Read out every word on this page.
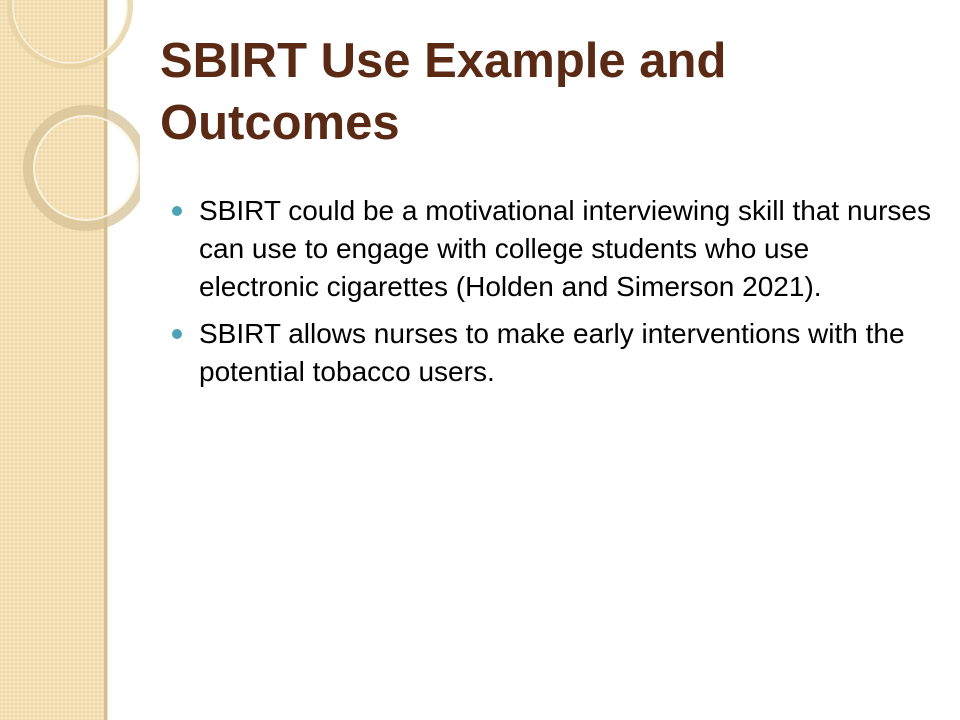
SBIRT Use Example and Outcomes
SBIRT could be a motivational interviewing skill that nurses can use to engage with college students who use electronic cigarettes (Holden and Simerson 2021).
SBIRT allows nurses to make early interventions with the potential tobacco users.
